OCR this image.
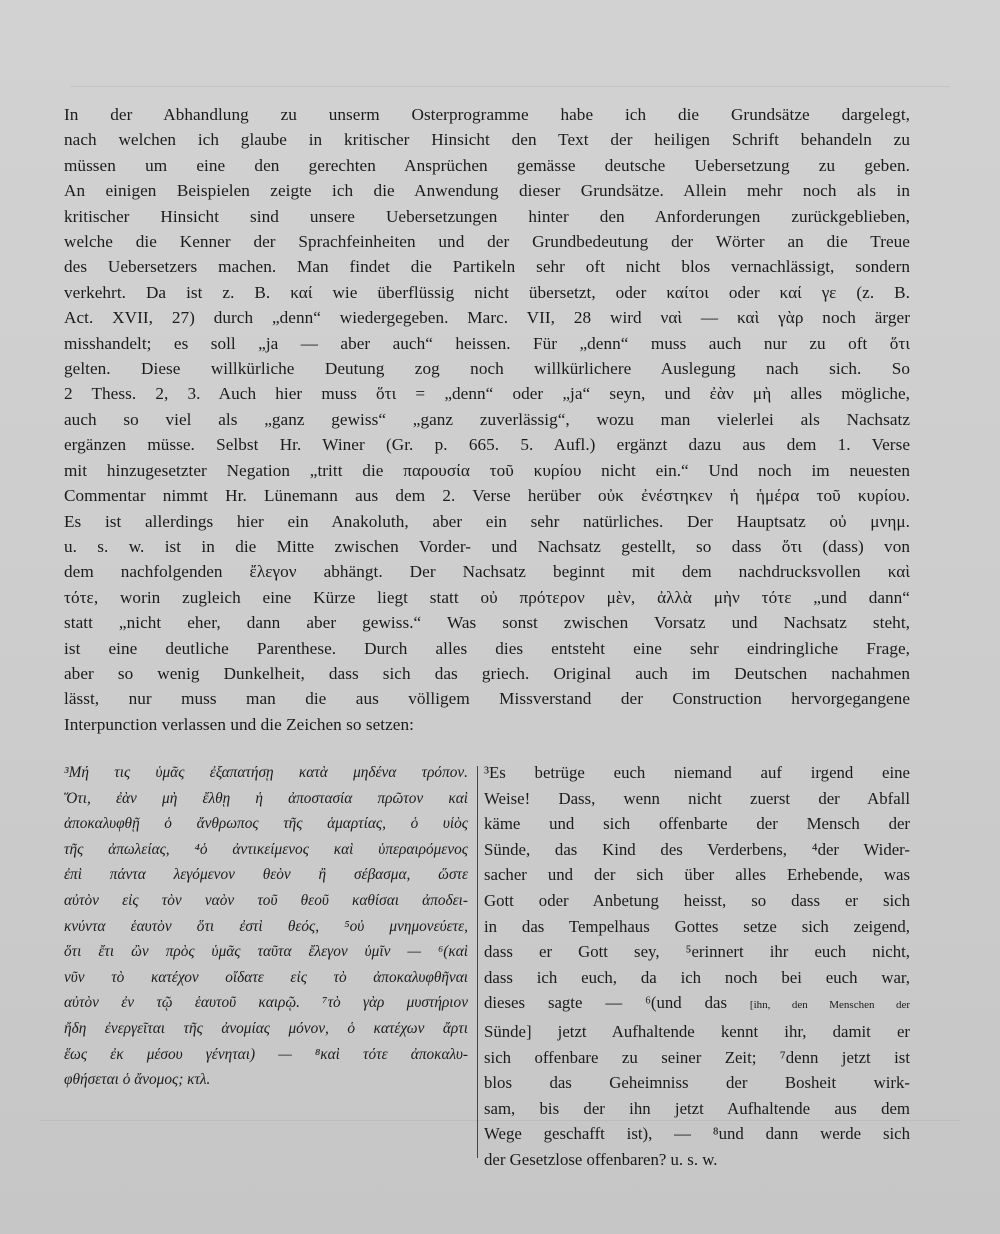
In der Abhandlung zu unserm Osterprogramme habe ich die Grundsätze dargelegt,
nach welchen ich glaube in kritischer Hinsicht den Text der heiligen Schrift behandeln zu
müssen um eine den gerechten Ansprüchen gemässe deutsche Uebersetzung zu geben.
An einigen Beispielen zeigte ich die Anwendung dieser Grundsätze. Allein mehr noch als in
kritischer Hinsicht sind unsere Uebersetzungen hinter den Anforderungen zurückgeblieben,
welche die Kenner der Sprachfeinheiten und der Grundbedeutung der Wörter an die Treue
des Uebersetzers machen. Man findet die Partikeln sehr oft nicht blos vernachlässigt, sondern
verkehrt. Da ist z. B. καί wie überflüssig nicht übersetzt, oder καίτοι oder καί γε (z. B.
Act. XVII, 27) durch „denn“ wiedergegeben. Marc. VII, 28 wird ναὶ — καὶ γὰρ noch ärger
misshandelt; es soll „ja — aber auch“ heissen. Für „denn“ muss auch nur zu oft ὅτι
gelten. Diese willkürliche Deutung zog noch willkürlichere Auslegung nach sich. So
2 Thess. 2, 3. Auch hier muss ὅτι = „denn“ oder „ja“ seyn, und ἐὰν μὴ alles mögliche,
auch so viel als „ganz gewiss“ „ganz zuverlässig“, wozu man vielerlei als Nachsatz
ergänzen müsse. Selbst Hr. Winer (Gr. p. 665. 5. Aufl.) ergänzt dazu aus dem 1. Verse
mit hinzugesetzter Negation „tritt die παρουσία τοῦ κυρίου nicht ein.“ Und noch im neuesten
Commentar nimmt Hr. Lünemann aus dem 2. Verse herüber οὐκ ἐνέστηκεν ἡ ἡμέρα τοῦ κυρίου.
Es ist allerdings hier ein Anakoluth, aber ein sehr natürliches. Der Hauptsatz οὐ μνημ.
u. s. w. ist in die Mitte zwischen Vorder- und Nachsatz gestellt, so dass ὅτι (dass) von
dem nachfolgenden ἔλεγον abhängt. Der Nachsatz beginnt mit dem nachdrucksvollen καὶ
τότε, worin zugleich eine Kürze liegt statt οὐ πρότερον μὲν, ἀλλὰ μὴν τότε „und dann“
statt „nicht eher, dann aber gewiss.“ Was sonst zwischen Vorsatz und Nachsatz steht,
ist eine deutliche Parenthese. Durch alles dies entsteht eine sehr eindringliche Frage,
aber so wenig Dunkelheit, dass sich das griech. Original auch im Deutschen nachahmen
lässt, nur muss man die aus völligem Missverstand der Construction hervorgegangene
Interpunction verlassen und die Zeichen so setzen:
³Μή τις ὑμᾶς ἐξαπατήσῃ κατὰ μηδένα τρόπον.
Ὅτι, ἐὰν μὴ ἔλθῃ ἡ ἀποστασία πρῶτον καὶ
ἀποκαλυφθῇ ὁ ἄνθρωπος τῆς ἁμαρτίας, ὁ υἱὸς
τῆς ἀπωλείας, ⁴ὁ ἀντικείμενος καὶ ὑπεραιρόμενος
ἐπὶ πάντα λεγόμενον θεὸν ἢ σέβασμα, ὥστε
αὐτὸν εἰς τὸν ναὸν τοῦ θεοῦ καθίσαι ἀποδει-
κνύντα ἑαυτὸν ὅτι ἐστὶ θεός, ⁵οὐ μνημονεύετε,
ὅτι ἔτι ὢν πρὸς ὑμᾶς ταῦτα ἔλεγον ὑμῖν — ⁶(καὶ
νῦν τὸ κατέχον οἴδατε εἰς τὸ ἀποκαλυφθῆναι
αὐτὸν ἐν τῷ ἑαυτοῦ καιρῷ. ⁷τὸ γὰρ μυστήριον
ἤδη ἐνεργεῖται τῆς ἀνομίας μόνον, ὁ κατέχων ἄρτι
ἕως ἐκ μέσου γένηται) — ⁸καὶ τότε ἀποκαλυ-
φθήσεται ὁ ἄνομος; κτλ.
³Es betrüge euch niemand auf irgend eine
Weise! Dass, wenn nicht zuerst der Abfall
käme und sich offenbarte der Mensch der
Sünde, das Kind des Verderbens, ⁴der Wider-
sacher und der sich über alles Erhebende, was
Gott oder Anbetung heisst, so dass er sich
in das Tempelhaus Gottes setze sich zeigend,
dass er Gott sey, ⁵erinnert ihr euch nicht,
dass ich euch, da ich noch bei euch war,
dieses sagte — ⁶(und das [ihn, den Menschen der
Sünde] jetzt Aufhaltende kennt ihr, damit er
sich offenbare zu seiner Zeit; ⁷denn jetzt ist
blos das Geheimniss der Bosheit wirk-
sam, bis der ihn jetzt Aufhaltende aus dem
Wege geschafft ist), — ⁸und dann werde sich
der Gesetzlose offenbaren? u. s. w.
